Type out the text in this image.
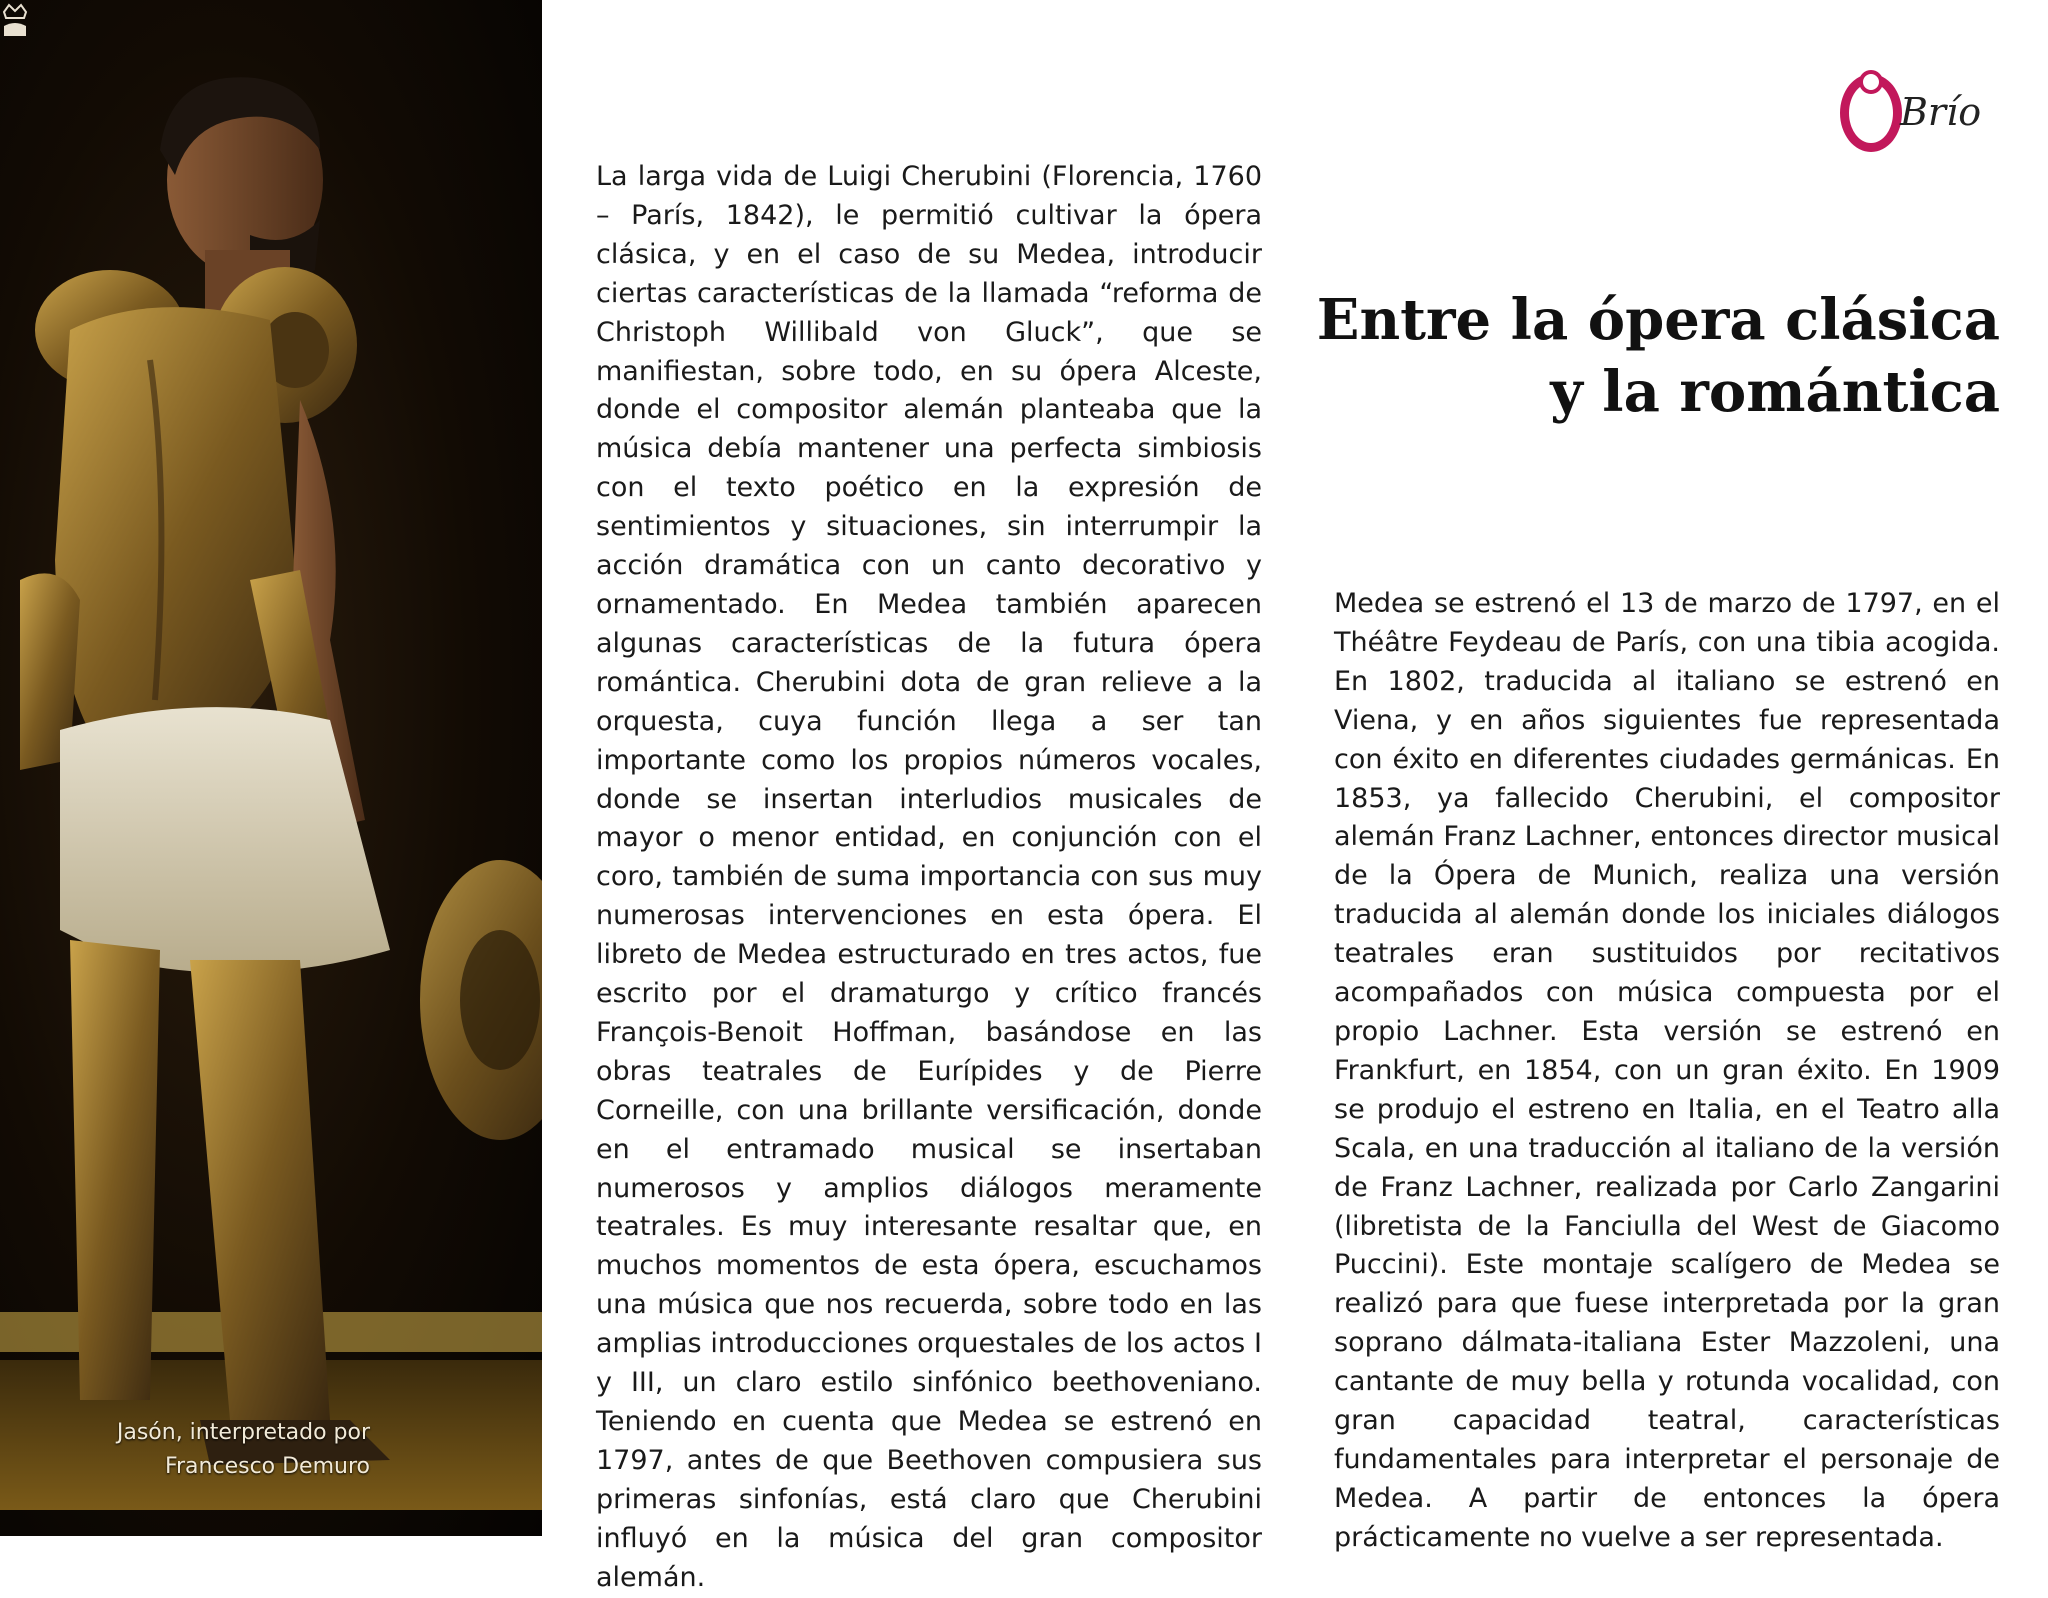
Jasón, interpretado por
Francesco Demuro
Brío

La larga vida de Luigi Cherubini (Florencia, 1760 – París, 1842), le permitió cultivar la ópera clásica, y en el caso de su Medea, introducir ciertas características de la llamada “reforma de Christoph Willibald von Gluck”, que se manifiestan, sobre todo, en su ópera Alceste, donde el compositor alemán planteaba que la música debía mantener una perfecta simbiosis con el texto poético en la expresión de sentimientos y situaciones, sin interrumpir la acción dramática con un canto decorativo y ornamentado. En Medea también aparecen algunas características de la futura ópera romántica. Cherubini dota de gran relieve a la orquesta, cuya función llega a ser tan importante como los propios números vocales, donde se insertan interludios musicales de mayor o menor entidad, en conjunción con el coro, también de suma importancia con sus muy numerosas intervenciones en esta ópera. El libreto de Medea estructurado en tres actos, fue escrito por el dramaturgo y crítico francés François-Benoit Hoffman, basándose en las obras teatrales de Eurípides y de Pierre Corneille, con una brillante versificación, donde en el entramado musical se insertaban numerosos y amplios diálogos meramente teatrales. Es muy interesante resaltar que, en muchos momentos de esta ópera, escuchamos una música que nos recuerda, sobre todo en las amplias introducciones orquestales de los actos I y III, un claro estilo sinfónico beethoveniano. Teniendo en cuenta que Medea se estrenó en 1797, antes de que Beethoven compusiera sus primeras sinfonías, está claro que Cherubini influyó en la música del gran compositor alemán.

Entre la ópera clásica
y la romántica

Medea se estrenó el 13 de marzo de 1797, en el Théâtre Feydeau de París, con una tibia acogida. En 1802, traducida al italiano se estrenó en Viena, y en años siguientes fue representada con éxito en diferentes ciudades germánicas. En 1853, ya fallecido Cherubini, el compositor alemán Franz Lachner, entonces director musical de la Ópera de Munich, realiza una versión traducida al alemán donde los iniciales diálogos teatrales eran sustituidos por recitativos acompañados con música compuesta por el propio Lachner. Esta versión se estrenó en Frankfurt, en 1854, con un gran éxito. En 1909 se produjo el estreno en Italia, en el Teatro alla Scala, en una traducción al italiano de la versión de Franz Lachner, realizada por Carlo Zangarini (libretista de la Fanciulla del West de Giacomo Puccini). Este montaje scalígero de Medea se realizó para que fuese interpretada por la gran soprano dálmata-italiana Ester Mazzoleni, una cantante de muy bella y rotunda vocalidad, con gran capacidad teatral, características fundamentales para interpretar el personaje de Medea. A partir de entonces la ópera prácticamente no vuelve a ser representada.
